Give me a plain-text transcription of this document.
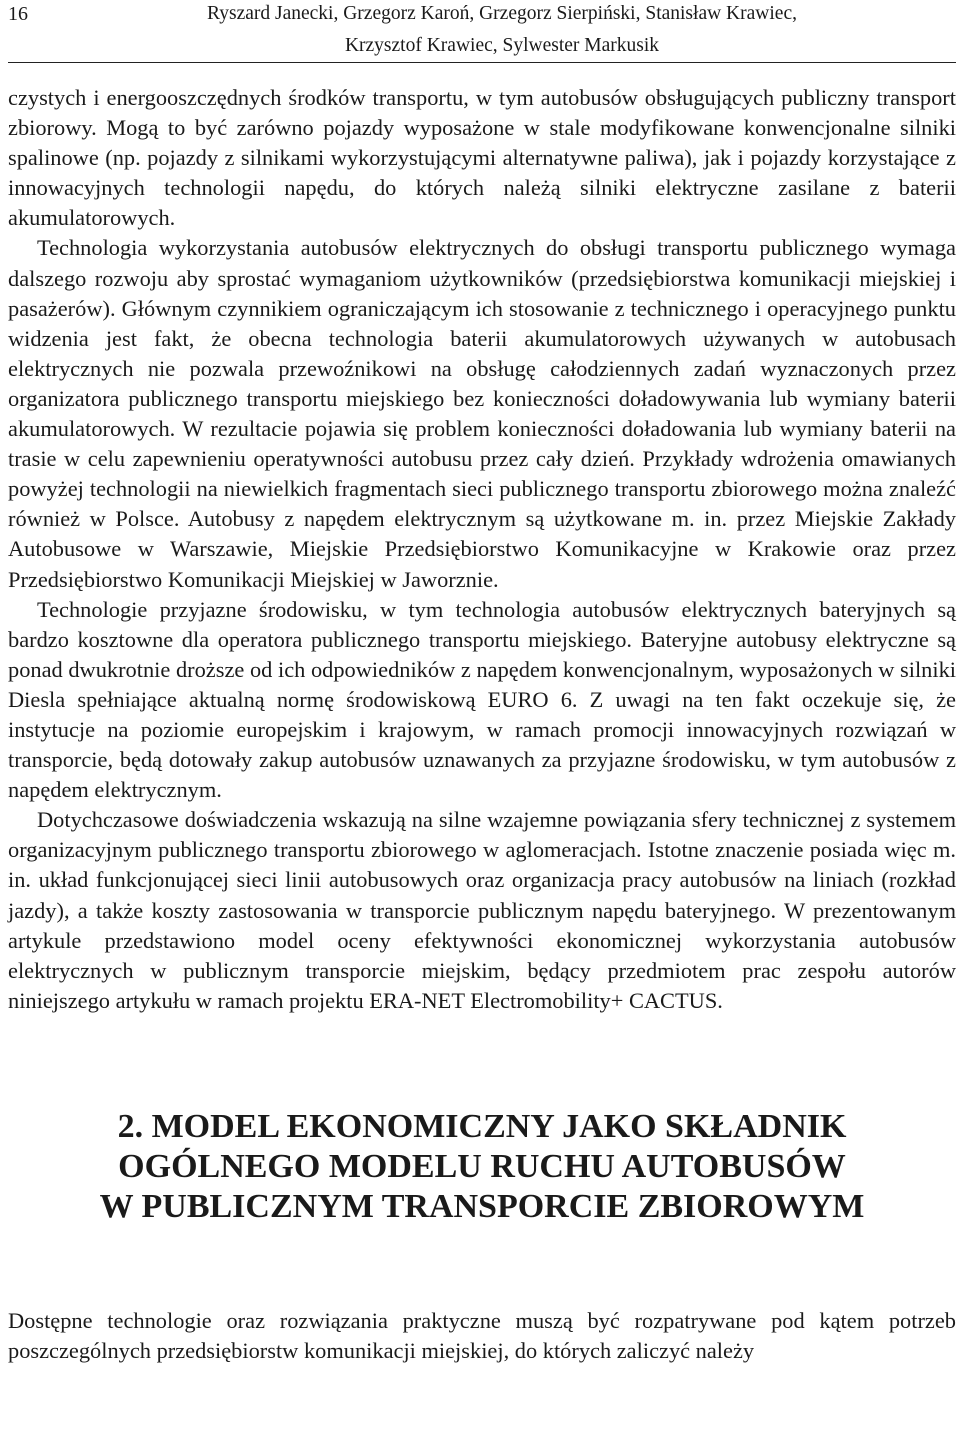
16	Ryszard Janecki, Grzegorz Karoń, Grzegorz Sierpiński, Stanisław Krawiec,
Krzysztof Krawiec, Sylwester Markusik

czystych i energooszczędnych środków transportu, w tym autobusów obsługujących publiczny transport zbiorowy. Mogą to być zarówno pojazdy wyposażone w stale modyfikowane konwencjonalne silniki spalinowe (np. pojazdy z silnikami wykorzystującymi alternatywne paliwa), jak i pojazdy korzystające z innowacyjnych technologii napędu, do których należą silniki elektryczne zasilane z baterii akumulatorowych.

Technologia wykorzystania autobusów elektrycznych do obsługi transportu publicznego wymaga dalszego rozwoju aby sprostać wymaganiom użytkowników (przedsiębiorstwa komunikacji miejskiej i pasażerów). Głównym czynnikiem ograniczającym ich stosowanie z technicznego i operacyjnego punktu widzenia jest fakt, że obecna technologia baterii akumulatorowych używanych w autobusach elektrycznych nie pozwala przewoźnikowi na obsługę całodziennych zadań wyznaczonych przez organizatora publicznego transportu miejskiego bez konieczności doładowywania lub wymiany baterii akumulatorowych. W rezultacie pojawia się problem konieczności doładowania lub wymiany baterii na trasie w celu zapewnieniu operatywności autobusu przez cały dzień. Przykłady wdrożenia omawianych powyżej technologii na niewielkich fragmentach sieci publicznego transportu zbiorowego można znaleźć również w Polsce. Autobusy z napędem elektrycznym są użytkowane m. in. przez Miejskie Zakłady Autobusowe w Warszawie, Miejskie Przedsiębiorstwo Komunikacyjne w Krakowie oraz przez Przedsiębiorstwo Komunikacji Miejskiej w Jaworznie.

Technologie przyjazne środowisku, w tym technologia autobusów elektrycznych bateryjnych są bardzo kosztowne dla operatora publicznego transportu miejskiego. Bateryjne autobusy elektryczne są ponad dwukrotnie droższe od ich odpowiedników z napędem konwencjonalnym, wyposażonych w silniki Diesla spełniające aktualną normę środowiskową EURO 6. Z uwagi na ten fakt oczekuje się, że instytucje na poziomie europejskim i krajowym, w ramach promocji innowacyjnych rozwiązań w transporcie, będą dotowały zakup autobusów uznawanych za przyjazne środowisku, w tym autobusów z napędem elektrycznym.

Dotychczasowe doświadczenia wskazują na silne wzajemne powiązania sfery technicznej z systemem organizacyjnym publicznego transportu zbiorowego w aglomeracjach. Istotne znaczenie posiada więc m. in. układ funkcjonującej sieci linii autobusowych oraz organizacja pracy autobusów na liniach (rozkład jazdy), a także koszty zastosowania w transporcie publicznym napędu bateryjnego. W prezentowanym artykule przedstawiono model oceny efektywności ekonomicznej wykorzystania autobusów elektrycznych w publicznym transporcie miejskim, będący przedmiotem prac zespołu autorów niniejszego artykułu w ramach projektu ERA-NET Electromobility+ CACTUS.

2. MODEL EKONOMICZNY JAKO SKŁADNIK
OGÓLNEGO MODELU RUCHU AUTOBUSÓW
W PUBLICZNYM TRANSPORCIE ZBIOROWYM

Dostępne technologie oraz rozwiązania praktyczne muszą być rozpatrywane pod kątem potrzeb poszczególnych przedsiębiorstw komunikacji miejskiej, do których zaliczyć należy
